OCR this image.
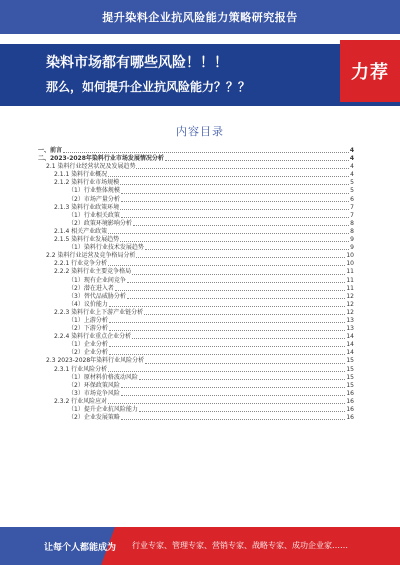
提升染料企业抗风险能力策略研究报告
染料市场都有哪些风险！！！
那么，如何提升企业抗风险能力？？？
力荐
内容目录
一、前言	4
二、2023-2028年染料行业市场发展情况分析	4
2.1 染料行业经营状况及发展趋势	4
2.1.1 染料行业概况	4
2.1.2 染料行业市场规模	5
（1）行业整体规模	5
（2）市场产量分析	6
2.1.3 染料行业政策环境	7
（1）行业相关政策	7
（2）政策环境影响分析	8
2.1.4 相关产业政策	8
2.1.5 染料行业发展趋势	9
（1）染料行业技术发展趋势	9
2.2 染料行业运营及竞争格局分析	10
2.2.1 行业竞争分析	10
2.2.2 染料行业主要竞争格局	11
（1）现有企业间竞争	11
（2）潜在进入者	11
（3）替代品威胁分析	12
（4）议价能力	12
2.2.3 染料行业上下游产业链分析	12
（1）上游分析	13
（2）下游分析	13
2.2.4 染料行业重点企业分析	14
（1）企业分析	14
（2）企业分析	14
2.3 2023-2028年染料行业风险分析	15
2.3.1 行业风险分析	15
（1）原材料价格波动风险	15
（2）环保政策风险	15
（3）市场竞争风险	16
2.3.2 行业风险应对	16
（1）提升企业抗风险能力	16
（2）企业发展策略	16
让每个人都能成为 行业专家、管理专家、营销专家、战略专家、成功企业家……
